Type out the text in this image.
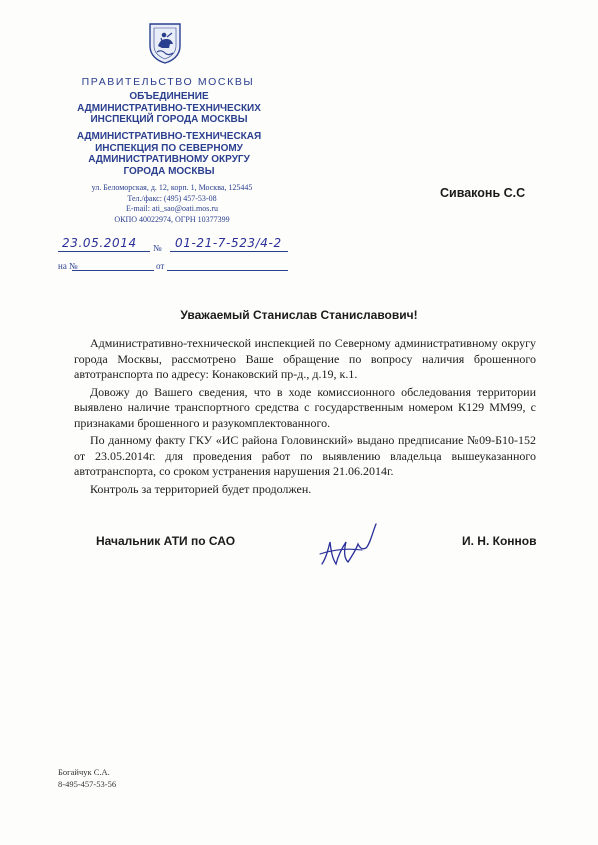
ПРАВИТЕЛЬСТВО МОСКВЫ
ОБЪЕДИНЕНИЕ
АДМИНИСТРАТИВНО-ТЕХНИЧЕСКИХ
ИНСПЕКЦИЙ ГОРОДА МОСКВЫ
АДМИНИСТРАТИВНО-ТЕХНИЧЕСКАЯ
ИНСПЕКЦИЯ ПО СЕВЕРНОМУ
АДМИНИСТРАТИВНОМУ ОКРУГУ
ГОРОДА МОСКВЫ
ул. Беломорская, д. 12, корп. 1, Москва, 125445
Тел./факс: (495) 457-53-08
E-mail: ati_sao@oati.mos.ru
ОКПО 40022974, ОГРН 10377399
Сиваконь С.С
23.05.2014 № 01-21-7-523/4-2
на №	от
Уважаемый Станислав Станиславович!

Административно-технической инспекцией по Северному административному округу города Москвы, рассмотрено Ваше обращение по вопросу наличия брошенного автотранспорта по адресу: Конаковский пр-д., д.19, к.1.

Довожу до Вашего сведения, что в ходе комиссионного обследования территории выявлено наличие транспортного средства с государственным номером К129 ММ99, с признаками брошенного и разукомплектованного.

По данному факту ГКУ «ИС района Головинский» выдано предписание №09-Б10-152 от 23.05.2014г. для проведения работ по выявлению владельца вышеуказанного автотранспорта, со сроком устранения нарушения 21.06.2014г.

Контроль за территорией будет продолжен.

Начальник АТИ по САО	И. Н. Коннов
Богайчук С.А.
8-495-457-53-56
